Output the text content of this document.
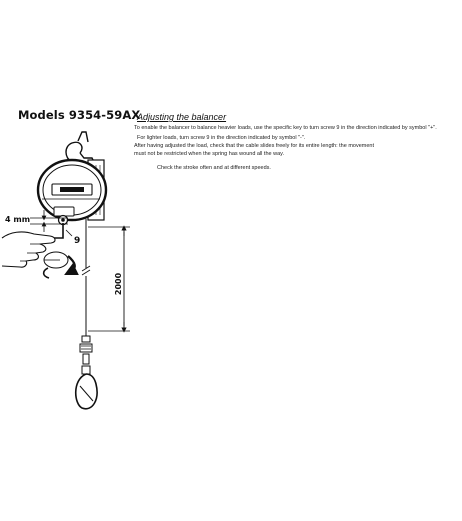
Models 9354-59AX
Adjusting the balancer
To enable the balancer to balance heavier loads, use the specific key to turn screw 9 in the direction indicated by symbol "+".
For lighter loads, turn screw 9 in the direction indicated by symbol "-".
After having adjusted the load, check that the cable slides freely for its entire length: the movement
must not be restricted when the spring has wound all the way.
Check the stroke often and at different speeds.
4 mm
9
2000
